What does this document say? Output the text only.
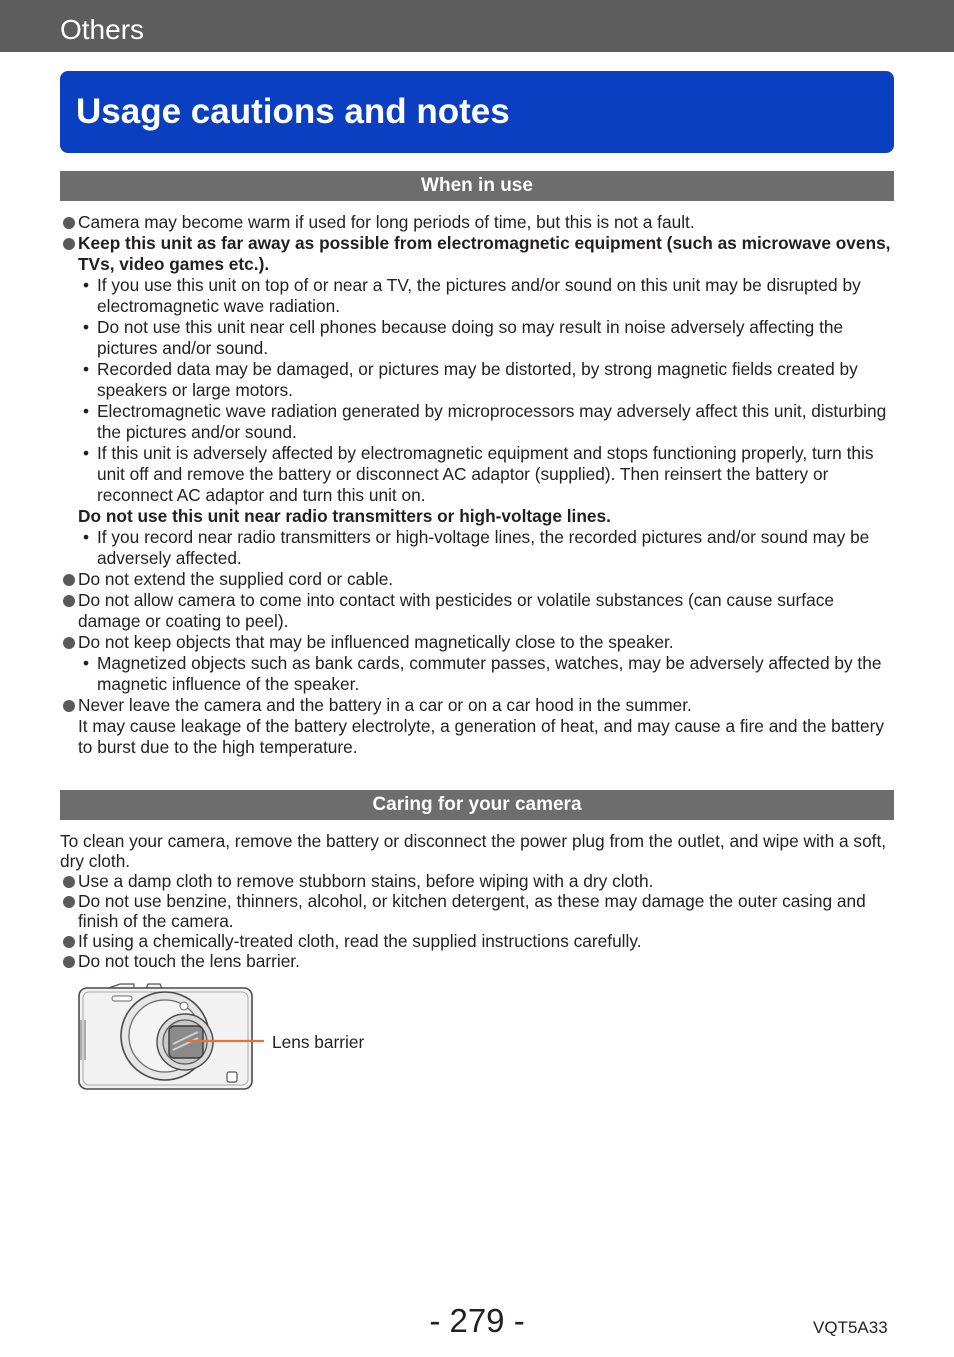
Others
Usage cautions and notes
When in use

Camera may become warm if used for long periods of time, but this is not a fault.

Keep this unit as far away as possible from electromagnetic equipment (such as microwave ovens, TVs, video games etc.).

• If you use this unit on top of or near a TV, the pictures and/or sound on this unit may be disrupted by electromagnetic wave radiation.

• Do not use this unit near cell phones because doing so may result in noise adversely affecting the pictures and/or sound.

• Recorded data may be damaged, or pictures may be distorted, by strong magnetic fields created by speakers or large motors.

• Electromagnetic wave radiation generated by microprocessors may adversely affect this unit, disturbing the pictures and/or sound.

• If this unit is adversely affected by electromagnetic equipment and stops functioning properly, turn this unit off and remove the battery or disconnect AC adaptor (supplied). Then reinsert the battery or reconnect AC adaptor and turn this unit on.

Do not use this unit near radio transmitters or high-voltage lines.

• If you record near radio transmitters or high-voltage lines, the recorded pictures and/or sound may be adversely affected.

Do not extend the supplied cord or cable.

Do not allow camera to come into contact with pesticides or volatile substances (can cause surface damage or coating to peel).

Do not keep objects that may be influenced magnetically close to the speaker.

• Magnetized objects such as bank cards, commuter passes, watches, may be adversely affected by the magnetic influence of the speaker.

Never leave the camera and the battery in a car or on a car hood in the summer.

It may cause leakage of the battery electrolyte, a generation of heat, and may cause a fire and the battery to burst due to the high temperature.

Caring for your camera

To clean your camera, remove the battery or disconnect the power plug from the outlet, and wipe with a soft, dry cloth.

Use a damp cloth to remove stubborn stains, before wiping with a dry cloth.

Do not use benzine, thinners, alcohol, or kitchen detergent, as these may damage the outer casing and finish of the camera.

If using a chemically-treated cloth, read the supplied instructions carefully.

Do not touch the lens barrier.

Lens barrier
- 279 -	VQT5A33
